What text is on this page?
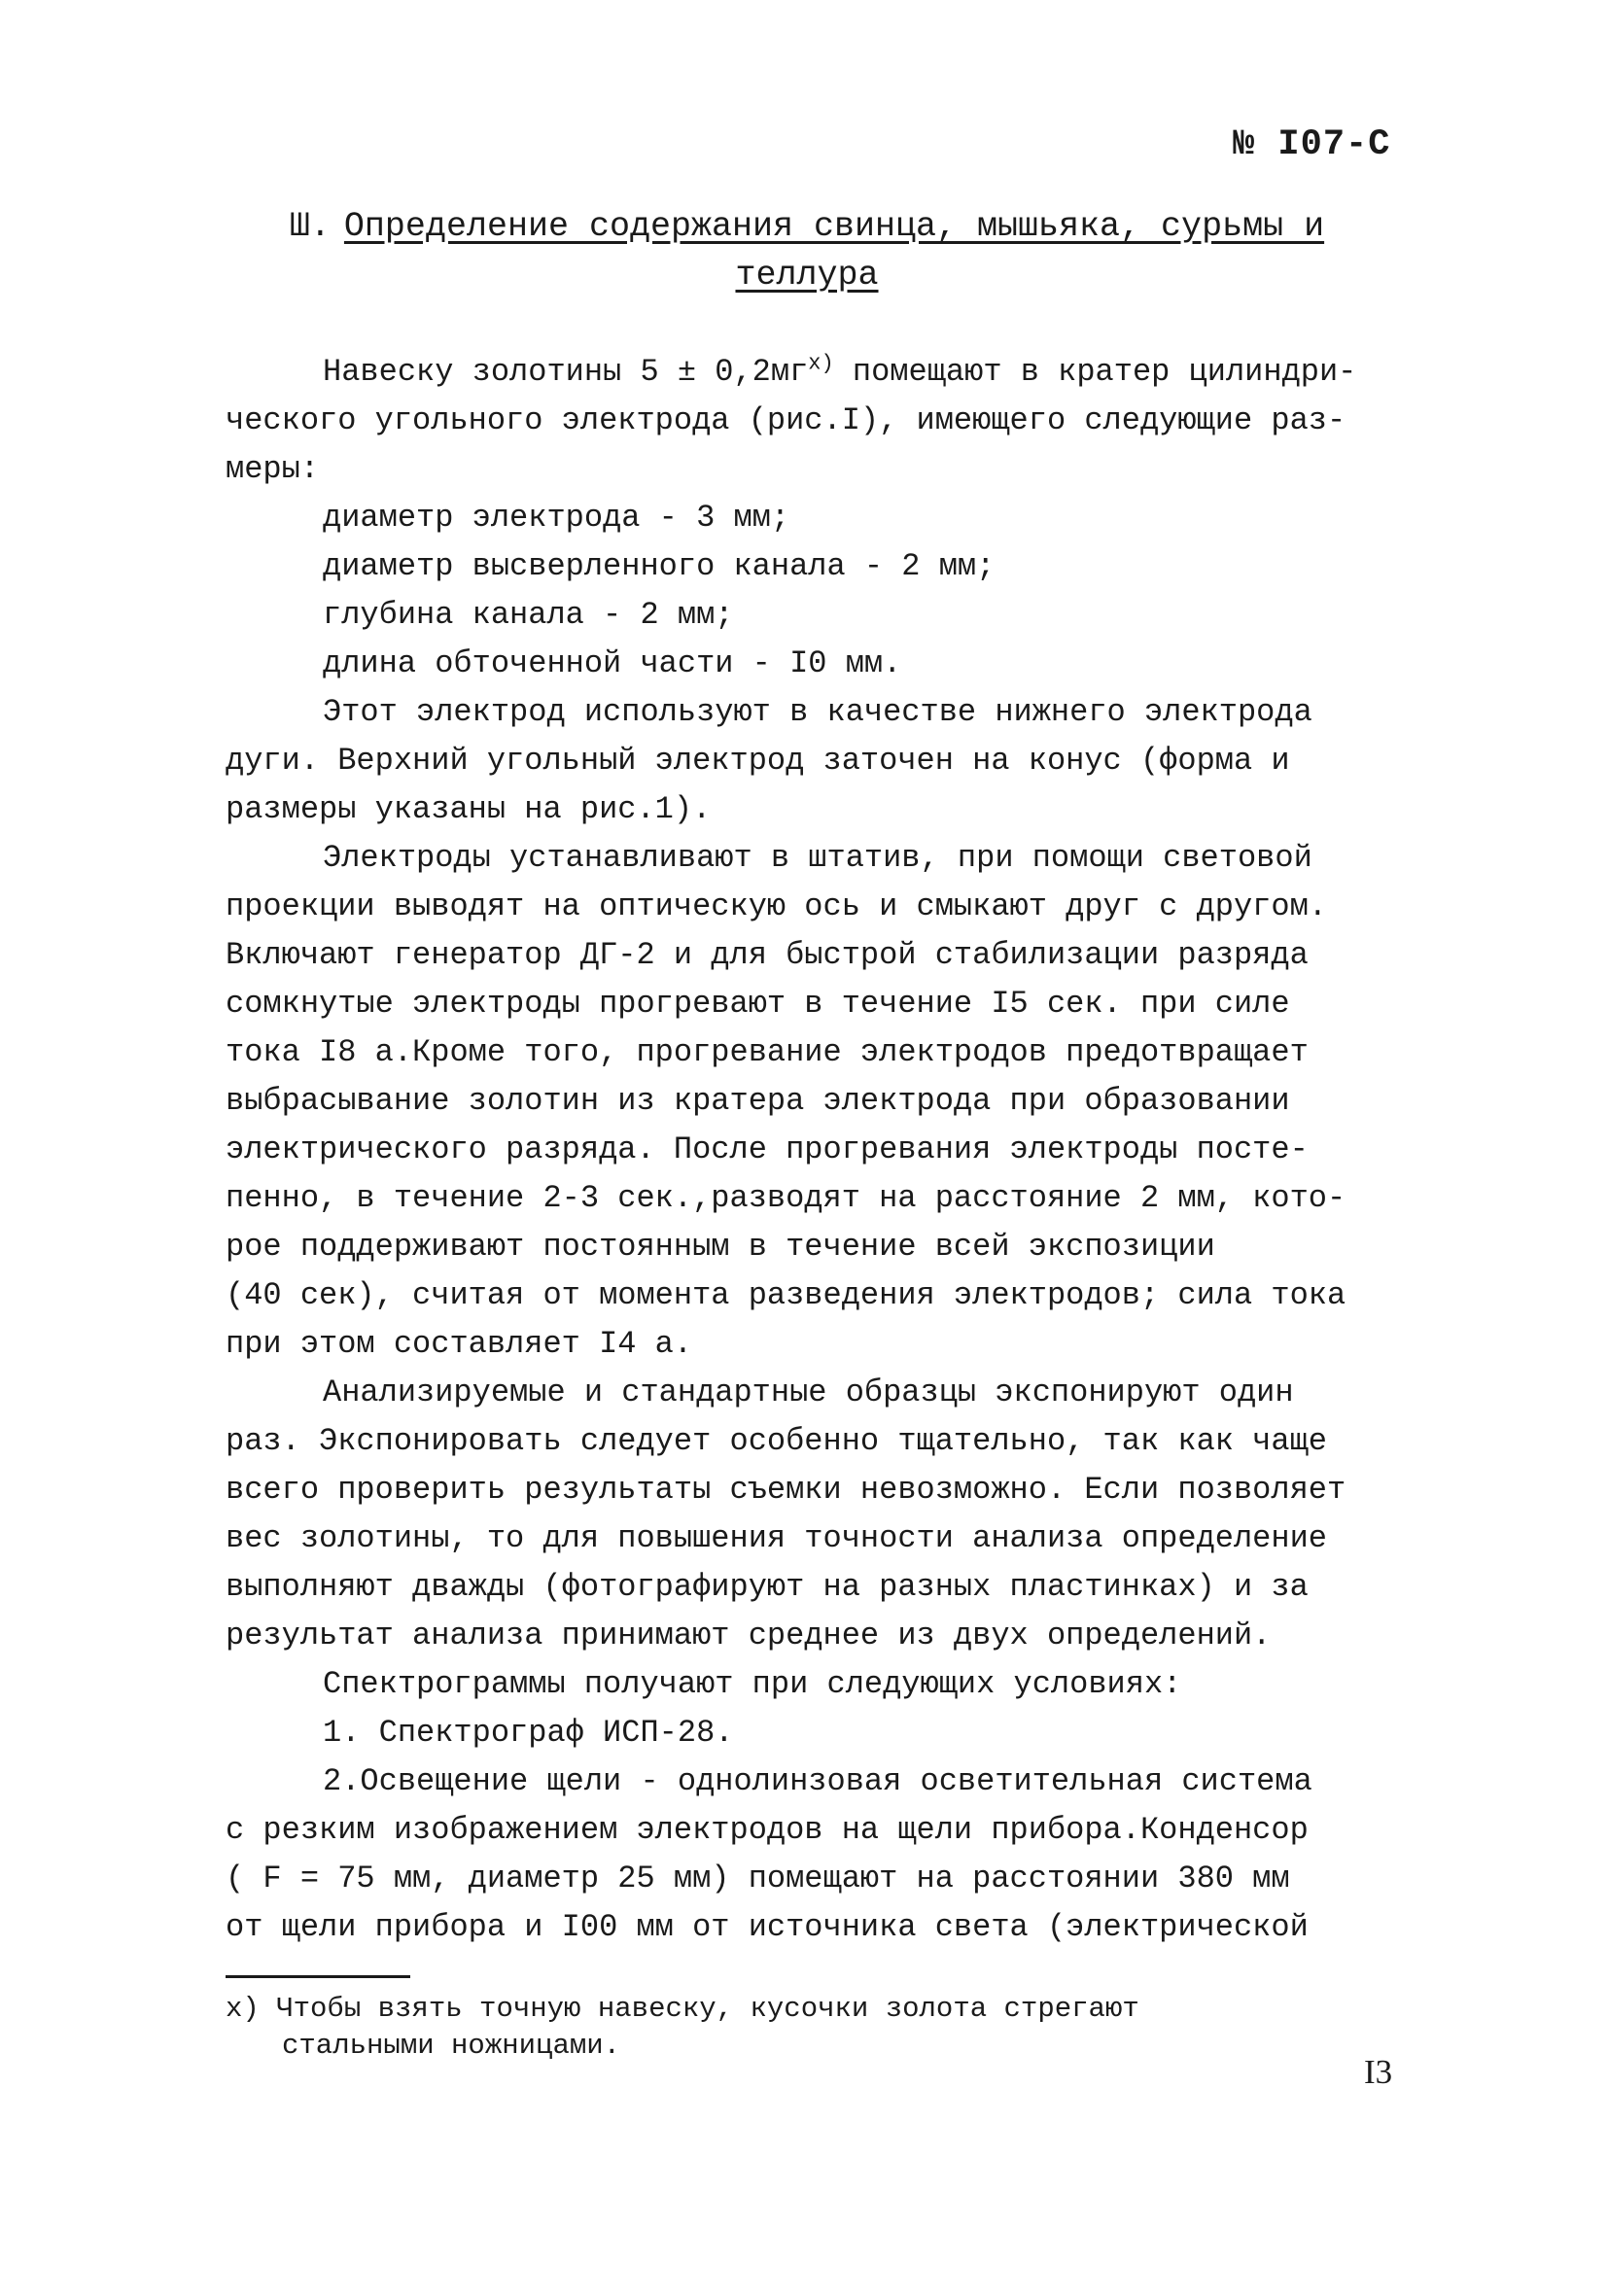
№ I07-С
Ш. Определение содержания свинца, мышьяка, сурьмы и
теллура
Навеску золотины $5 \pm 0,2мг^{x)}$ помещают в кратер цилиндри-
ческого угольного электрода (рис.I), имеющего следующие раз-
меры:
диаметр электрода - 3 мм;
диаметр высверленного канала - 2 мм;
глубина канала - 2 мм;
длина обточенной части - I0 мм.
Этот электрод используют в качестве нижнего электрода
дуги. Верхний угольный электрод заточен на конус (форма и
размеры указаны на рис.1).
Электроды устанавливают в штатив, при помощи световой
проекции выводят на оптическую ось и смыкают друг с другом.
Включают генератор ДГ-2 и для быстрой стабилизации разряда
сомкнутые электроды прогревают в течение I5 сек. при силе
тока I8 а.Кроме того, прогревание электродов предотвращает
выбрасывание золотин из кратера электрода при образовании
электрического разряда. После прогревания электроды посте-
пенно, в течение 2-3 сек.,разводят на расстояние 2 мм, кото-
рое поддерживают постоянным в течение всей экспозиции
(40 сек), считая от момента разведения электродов; сила тока
при этом составляет I4 а.
Анализируемые и стандартные образцы экспонируют один
раз. Экспонировать следует особенно тщательно, так как чаще
всего проверить результаты съемки невозможно. Если позволяет
вес золотины, то для повышения точности анализа определение
выполняют дважды (фотографируют на разных пластинках) и за
результат анализа принимают среднее из двух определений.
Спектрограммы получают при следующих условиях:
1. Спектрограф ИСП-28.
2.Освещение щели - однолинзовая осветительная система
с резким изображением электродов на щели прибора.Конденсор
( F = 75 мм, диаметр 25 мм) помещают на расстоянии 380 мм
от щели прибора и I00 мм от источника света (электрической
x) Чтобы взять точную навеску, кусочки золота стрегают
стальными ножницами.
I3
